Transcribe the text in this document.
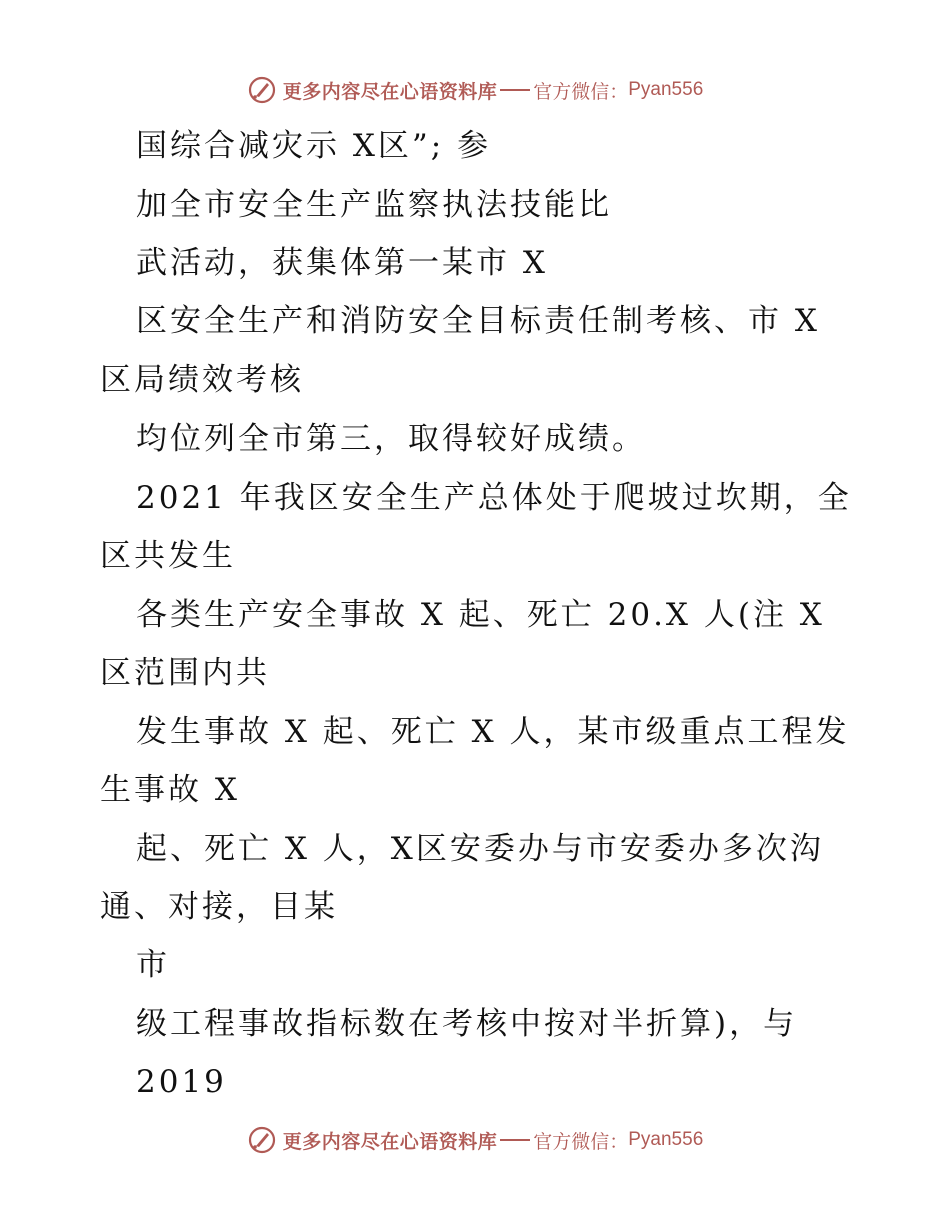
更多内容尽在心语资料库 官方微信： Pyan556
国综合减灾示 X区”; 参
加全市安全生产监察执法技能比
武活动，获集体第一某市 X
区安全生产和消防安全目标责任制考核、市 X
区局绩效考核
均位列全市第三，取得较好成绩。
2021 年我区安全生产总体处于爬坡过坎期，全
区共发生
各类生产安全事故 X 起、死亡 20.X 人(注 X
区范围内共
发生事故 X 起、死亡 X 人，某市级重点工程发
生事故 X
起、死亡 X 人，X区安委办与市安委办多次沟
通、对接，目某
市
级工程事故指标数在考核中按对半折算)，与
2019
更多内容尽在心语资料库 官方微信： Pyan556
